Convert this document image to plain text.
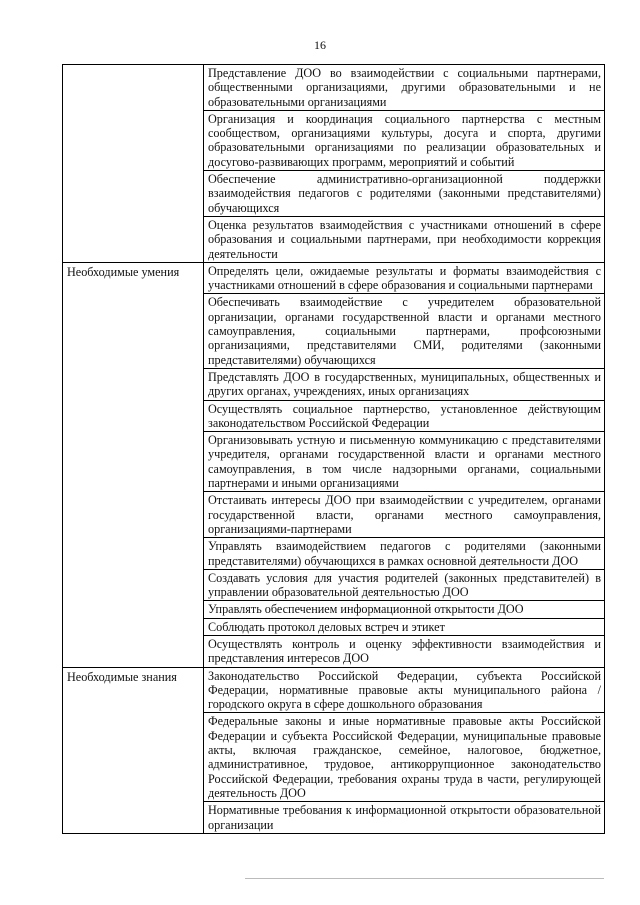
16

	Представление ДОО во взаимодействии с социальными партнерами, общественными организациями, другими образовательными и не образовательными организациями

	Организация и координация социального партнерства с местным сообществом, организациями культуры, досуга и спорта, другими образовательными организациями по реализации образовательных и досугово-развивающих программ, мероприятий и событий

	Обеспечение административно-организационной поддержки взаимодействия педагогов с родителями (законными представителями) обучающихся

	Оценка результатов взаимодействия с участниками отношений в сфере образования и социальными партнерами, при необходимости коррекция деятельности

Необходимые умения	Определять цели, ожидаемые результаты и форматы взаимодействия с участниками отношений в сфере образования и социальными партнерами

	Обеспечивать взаимодействие с учредителем образовательной организации, органами государственной власти и органами местного самоуправления, социальными партнерами, профсоюзными организациями, представителями СМИ, родителями (законными представителями) обучающихся

	Представлять ДОО в государственных, муниципальных, общественных и других органах, учреждениях, иных организациях

	Осуществлять социальное партнерство, установленное действующим законодательством Российской Федерации

	Организовывать устную и письменную коммуникацию с представителями учредителя, органами государственной власти и органами местного самоуправления, в том числе надзорными органами, социальными партнерами и иными организациями

	Отстаивать интересы ДОО при взаимодействии с учредителем, органами государственной власти, органами местного самоуправления, организациями-партнерами

	Управлять взаимодействием педагогов с родителями (законными представителями) обучающихся в рамках основной деятельности ДОО

	Создавать условия для участия родителей (законных представителей) в управлении образовательной деятельностью ДОО

	Управлять обеспечением информационной открытости ДОО

	Соблюдать протокол деловых встреч и этикет

	Осуществлять контроль и оценку эффективности взаимодействия и представления интересов ДОО

Необходимые знания	Законодательство Российской Федерации, субъекта Российской Федерации, нормативные правовые акты муниципального района / городского округа в сфере дошкольного образования

	Федеральные законы и иные нормативные правовые акты Российской Федерации и субъекта Российской Федерации, муниципальные правовые акты, включая гражданское, семейное, налоговое, бюджетное, административное, трудовое, антикоррупционное законодательство Российской Федерации, требования охраны труда в части, регулирующей деятельность ДОО

	Нормативные требования к информационной открытости образовательной организации
